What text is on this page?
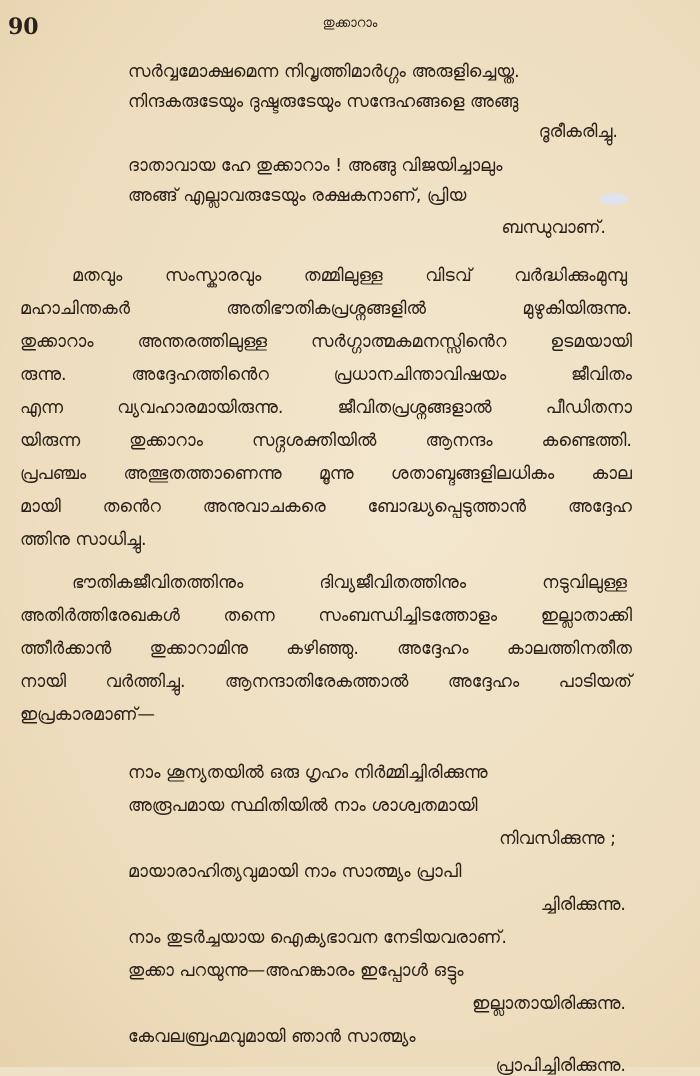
90	തുക്കാറാം
സർവ്വമോക്ഷമെന്ന നിവൃത്തിമാർഗ്ഗം അരുളിച്ചെയ്ത.
നിന്ദകരുടേയും ദുഷ്ടരുടേയും സന്ദേഹങ്ങളെ അങ്ങു
ദൂരീകരിച്ചു.
ദാതാവായ ഹേ തുക്കാറാം ! അങ്ങു വിജയിച്ചാലും
അങ്ങ് എല്ലാവരുടേയും രക്ഷകനാണ്, പ്രിയ
ബന്ധുവാണ്.
മതവും സംസ്കാരവും തമ്മിലുള്ള വിടവ് വർദ്ധിക്കുംമുമ്പു
മഹാചിന്തകർ അതിഭൗതികപ്രശ്നങ്ങളിൽ മുഴുകിയിരുന്നു.
തുക്കാറാം അന്തരത്തിലുള്ള സർഗ്ഗാത്മകമനസ്സിൻെറ ഉടമയായി
രുന്നു. അദ്ദേഹത്തിൻെറ പ്രധാനചിന്താവിഷയം ജീവിതം
എന്ന വ്യവഹാരമായിരുന്നു. ജീവിതപ്രശ്നങ്ങളാൽ പീഡിതനാ
യിരുന്ന തുക്കാറാം സദ്ഗശക്തിയിൽ ആനന്ദം കണ്ടെത്തി.
പ്രപഞ്ചം അത്ഭുതത്താണെന്നു മൂന്നു ശതാബ്ദങ്ങളിലധികം കാല
മായി തൻെറ അനുവാചകരെ ബോദ്ധ്യപ്പെടുത്താൻ അദ്ദേഹ
ത്തിനു സാധിച്ചു.
ഭൗതികജീവിതത്തിനും ദിവ്യജീവിതത്തിനും നടുവിലുള്ള
അതിർത്തിരേഖകൾ തന്നെ സംബന്ധിച്ചിടത്തോളം ഇല്ലാതാക്കി
ത്തീർക്കാൻ തുക്കാറാമിനു കഴിഞ്ഞു. അദ്ദേഹം കാലത്തിനതീത
നായി വർത്തിച്ചു. ആനന്ദാതിരേകത്താൽ അദ്ദേഹം പാടിയത്
ഇപ്രകാരമാണ്—
നാം ശൂന്യതയിൽ ഒരു ഗൃഹം നിർമ്മിച്ചിരിക്കുന്നു
അരൂപമായ സ്ഥിതിയിൽ നാം ശാശ്വതമായി
നിവസിക്കുന്നു ;
മായാരാഹിത്യവുമായി നാം സാത്മ്യം പ്രാപി
ച്ചിരിക്കുന്നു.
നാം തുടർച്ചയായ ഐക്യഭാവന നേടിയവരാണ്.
തുക്കാ പറയുന്നു—അഹങ്കാരം ഇപ്പോൾ ഒട്ടും
ഇല്ലാതായിരിക്കുന്നു.
കേവലബ്രഹ്മവുമായി ഞാൻ സാത്മ്യം
പ്രാപിച്ചിരിക്കുന്നു.
